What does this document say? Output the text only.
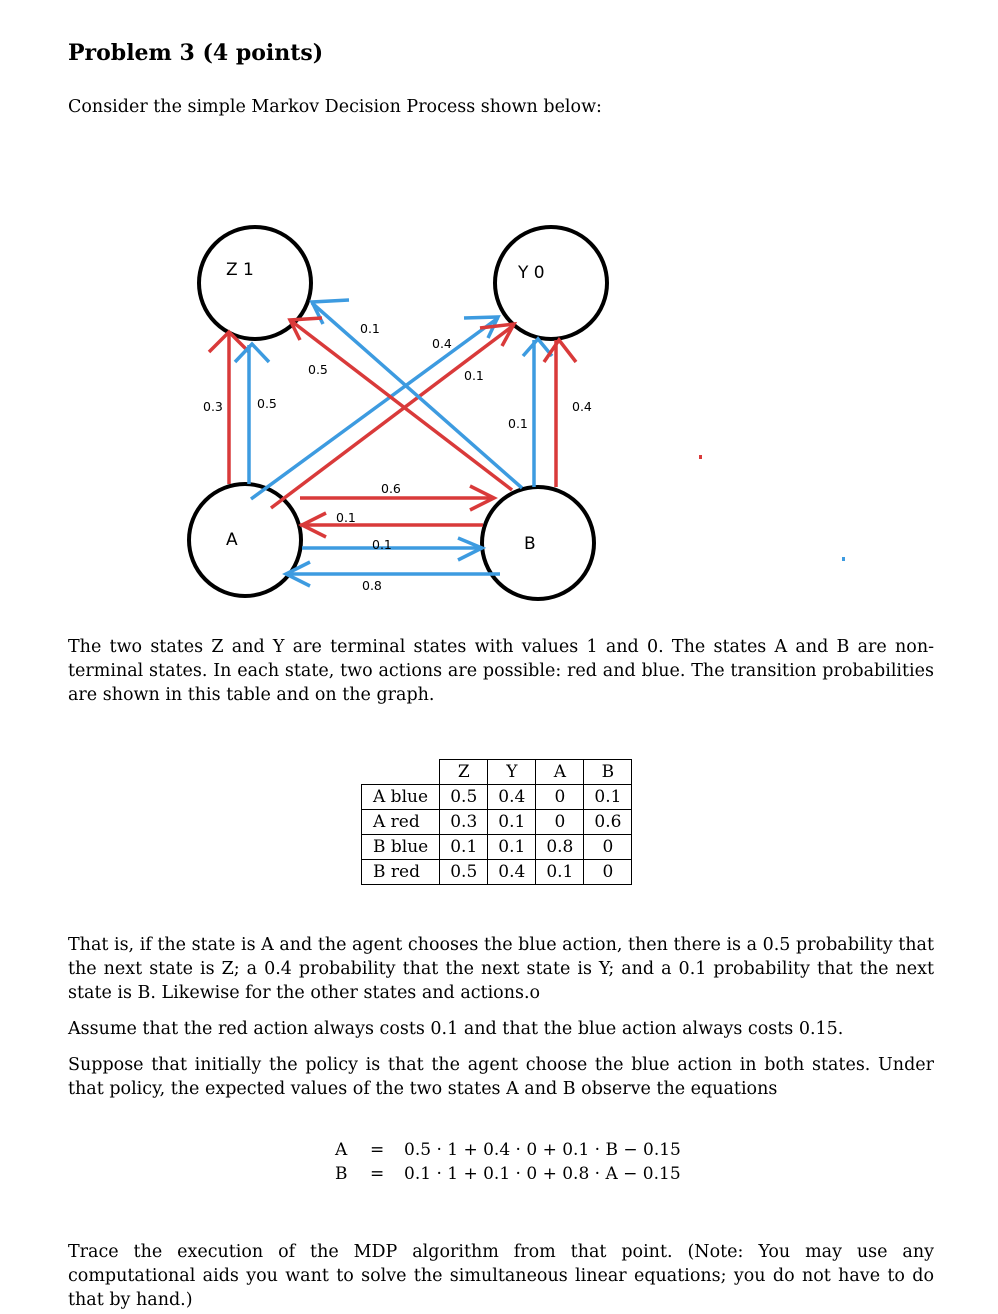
Problem 3 (4 points)
Consider the simple Markov Decision Process shown below:
Z 1	Y 0
A	B
0.3	0.5
0.5
0.1
0.4
0.1
0.1
0.4
0.6
0.1
0.1
0.8
The two states Z and Y are terminal states with values 1 and 0. The states A and B are non-terminal states. In each state, two actions are possible: red and blue. The transition probabilities are shown in this table and on the graph.
	Z	Y	A	B
A blue	0.5	0.4	0	0.1
A red	0.3	0.1	0	0.6
B blue	0.1	0.1	0.8	0
B red	0.5	0.4	0.1	0
That is, if the state is A and the agent chooses the blue action, then there is a 0.5 probability that the next state is Z; a 0.4 probability that the next state is Y; and a 0.1 probability that the next state is B. Likewise for the other states and actions.o
Assume that the red action always costs 0.1 and that the blue action always costs 0.15.
Suppose that initially the policy is that the agent choose the blue action in both states. Under that policy, the expected values of the two states A and B observe the equations
A = 0.5 · 1 + 0.4 · 0 + 0.1 · B − 0.15
B = 0.1 · 1 + 0.1 · 0 + 0.8 · A − 0.15
Trace the execution of the MDP algorithm from that point. (Note: You may use any computational aids you want to solve the simultaneous linear equations; you do not have to do that by hand.)
